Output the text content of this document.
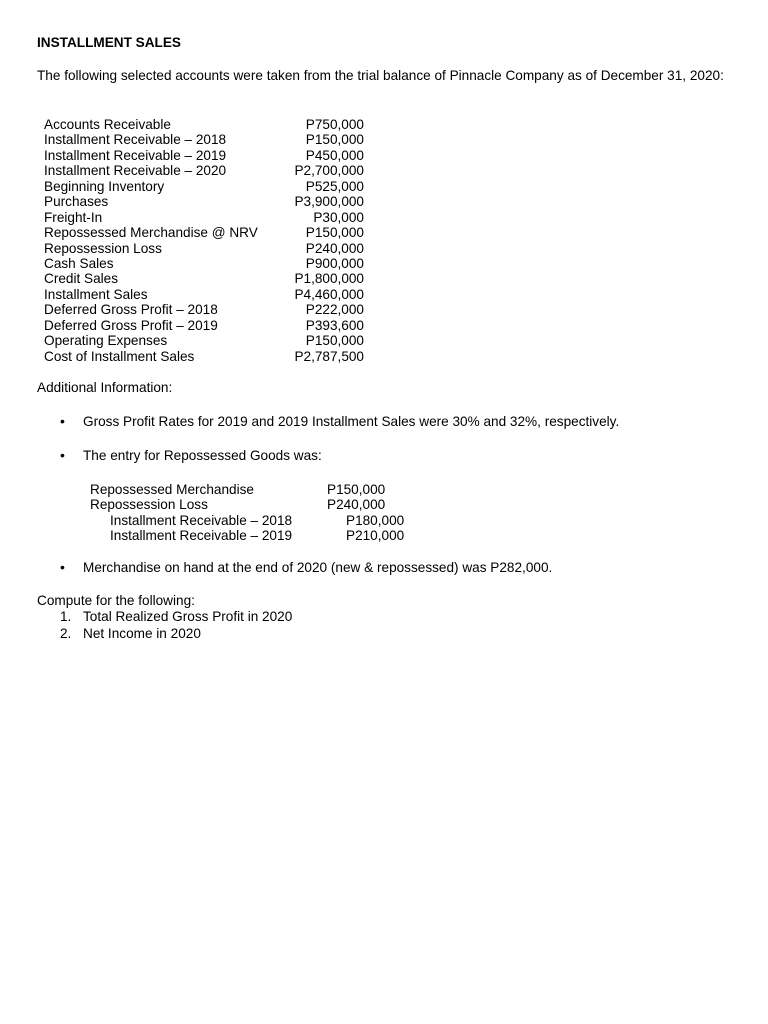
INSTALLMENT SALES
The following selected accounts were taken from the trial balance of Pinnacle Company as of December 31, 2020:
Accounts Receivable	P750,000
Installment Receivable – 2018	P150,000
Installment Receivable – 2019	P450,000
Installment Receivable – 2020	P2,700,000
Beginning Inventory	P525,000
Purchases	P3,900,000
Freight-In	P30,000
Repossessed Merchandise @ NRV	P150,000
Repossession Loss	P240,000
Cash Sales	P900,000
Credit Sales	P1,800,000
Installment Sales	P4,460,000
Deferred Gross Profit – 2018	P222,000
Deferred Gross Profit – 2019	P393,600
Operating Expenses	P150,000
Cost of Installment Sales	P2,787,500
Additional Information:
• Gross Profit Rates for 2019 and 2019 Installment Sales were 30% and 32%, respectively.
• The entry for Repossessed Goods was:
Repossessed Merchandise	P150,000
Repossession Loss	P240,000
Installment Receivable – 2018	P180,000
Installment Receivable – 2019	P210,000
• Merchandise on hand at the end of 2020 (new & repossessed) was P282,000.
Compute for the following:
1. Total Realized Gross Profit in 2020
2. Net Income in 2020
